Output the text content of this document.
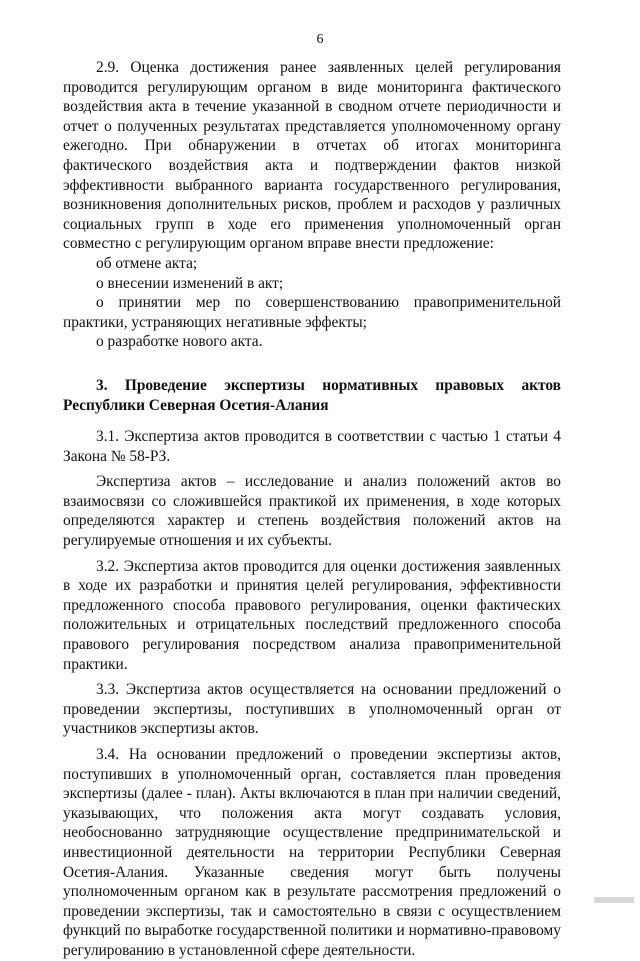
6

2.9. Оценка достижения ранее заявленных целей регулирования проводится регулирующим органом в виде мониторинга фактического воздействия акта в течение указанной в сводном отчете периодичности и отчет о полученных результатах представляется уполномоченному органу ежегодно. При обнаружении в отчетах об итогах мониторинга фактического воздействия акта и подтверждении фактов низкой эффективности выбранного варианта государственного регулирования, возникновения дополнительных рисков, проблем и расходов у различных социальных групп в ходе его применения уполномоченный орган совместно с регулирующим органом вправе внести предложение:

об отмене акта;

о внесении изменений в акт;

о принятии мер по совершенствованию правоприменительной практики, устраняющих негативные эффекты;

о разработке нового акта.

3. Проведение экспертизы нормативных правовых актов Республики Северная Осетия-Алания

3.1. Экспертиза актов проводится в соответствии с частью 1 статьи 4 Закона № 58-РЗ.

Экспертиза актов – исследование и анализ положений актов во взаимосвязи со сложившейся практикой их применения, в ходе которых определяются характер и степень воздействия положений актов на регулируемые отношения и их субъекты.

3.2. Экспертиза актов проводится для оценки достижения заявленных в ходе их разработки и принятия целей регулирования, эффективности предложенного способа правового регулирования, оценки фактических положительных и отрицательных последствий предложенного способа правового регулирования посредством анализа правоприменительной практики.

3.3. Экспертиза актов осуществляется на основании предложений о проведении экспертизы, поступивших в уполномоченный орган от участников экспертизы актов.

3.4. На основании предложений о проведении экспертизы актов, поступивших в уполномоченный орган, составляется план проведения экспертизы (далее - план). Акты включаются в план при наличии сведений, указывающих, что положения акта могут создавать условия, необоснованно затрудняющие осуществление предпринимательской и инвестиционной деятельности на территории Республики Северная Осетия-Алания. Указанные сведения могут быть получены уполномоченным органом как в результате рассмотрения предложений о проведении экспертизы, так и самостоятельно в связи с осуществлением функций по выработке государственной политики и нормативно-правовому регулированию в установленной сфере деятельности.
